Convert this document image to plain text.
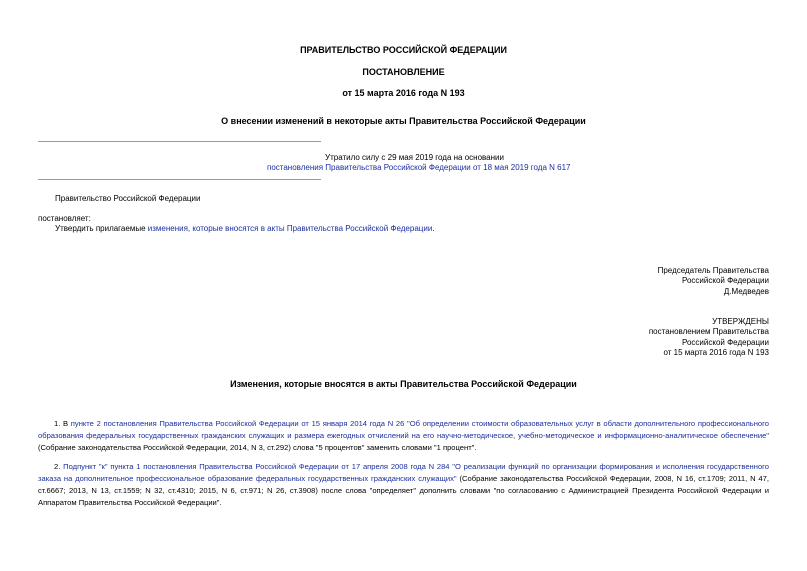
ПРАВИТЕЛЬСТВО РОССИЙСКОЙ ФЕДЕРАЦИИ
ПОСТАНОВЛЕНИЕ
от 15 марта 2016 года N 193
О внесении изменений в некоторые акты Правительства Российской Федерации
Утратило силу с 29 мая 2019 года на основании
постановления Правительства Российской Федерации от 18 мая 2019 года N 617
Правительство Российской Федерации
постановляет:
Утвердить прилагаемые изменения, которые вносятся в акты Правительства Российской Федерации.
Председатель Правительства
Российской Федерации
Д.Медведев
УТВЕРЖДЕНЫ
постановлением Правительства
Российской Федерации
от 15 марта 2016 года N 193
Изменения, которые вносятся в акты Правительства Российской Федерации
1. В пункте 2 постановления Правительства Российской Федерации от 15 января 2014 года N 26 "Об определении стоимости образовательных услуг в области дополнительного профессионального образования федеральных государственных гражданских служащих и размера ежегодных отчислений на его научно-методическое, учебно-методическое и информационно-аналитическое обеспечение" (Собрание законодательства Российской Федерации, 2014, N 3, ст.292) слова "5 процентов" заменить словами "1 процент".
2. Подпункт "к" пункта 1 постановления Правительства Российской Федерации от 17 апреля 2008 года N 284 "О реализации функций по организации формирования и исполнения государственного заказа на дополнительное профессиональное образование федеральных государственных гражданских служащих" (Собрание законодательства Российской Федерации, 2008, N 16, ст.1709; 2011, N 47, ст.6667; 2013, N 13, ст.1559; N 32, ст.4310; 2015, N 6, ст.971; N 26, ст.3908) после слова "определяет" дополнить словами "по согласованию с Администрацией Президента Российской Федерации и Аппаратом Правительства Российской Федерации".
